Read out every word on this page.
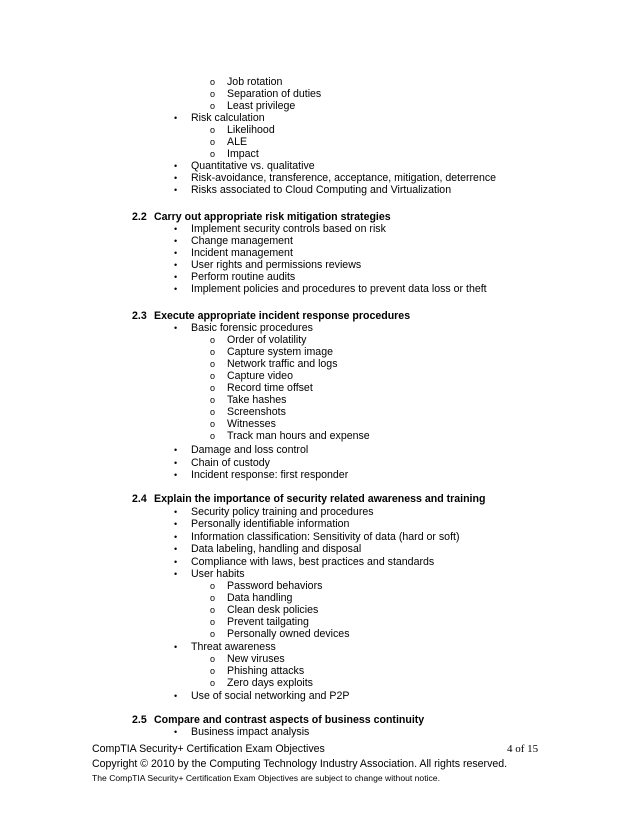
o Job rotation
o Separation of duties
o Least privilege
• Risk calculation
o Likelihood
o ALE
o Impact
• Quantitative vs. qualitative
• Risk-avoidance, transference, acceptance, mitigation, deterrence
• Risks associated to Cloud Computing and Virtualization
2.2 Carry out appropriate risk mitigation strategies
• Implement security controls based on risk
• Change management
• Incident management
• User rights and permissions reviews
• Perform routine audits
• Implement policies and procedures to prevent data loss or theft
2.3 Execute appropriate incident response procedures
• Basic forensic procedures
o Order of volatility
o Capture system image
o Network traffic and logs
o Capture video
o Record time offset
o Take hashes
o Screenshots
o Witnesses
o Track man hours and expense
• Damage and loss control
• Chain of custody
• Incident response: first responder
2.4 Explain the importance of security related awareness and training
• Security policy training and procedures
• Personally identifiable information
• Information classification: Sensitivity of data (hard or soft)
• Data labeling, handling and disposal
• Compliance with laws, best practices and standards
• User habits
o Password behaviors
o Data handling
o Clean desk policies
o Prevent tailgating
o Personally owned devices
• Threat awareness
o New viruses
o Phishing attacks
o Zero days exploits
• Use of social networking and P2P
2.5 Compare and contrast aspects of business continuity
• Business impact analysis
CompTIA Security+ Certification Exam Objectives	4 of 15
Copyright © 2010 by the Computing Technology Industry Association. All rights reserved.
The CompTIA Security+ Certification Exam Objectives are subject to change without notice.
